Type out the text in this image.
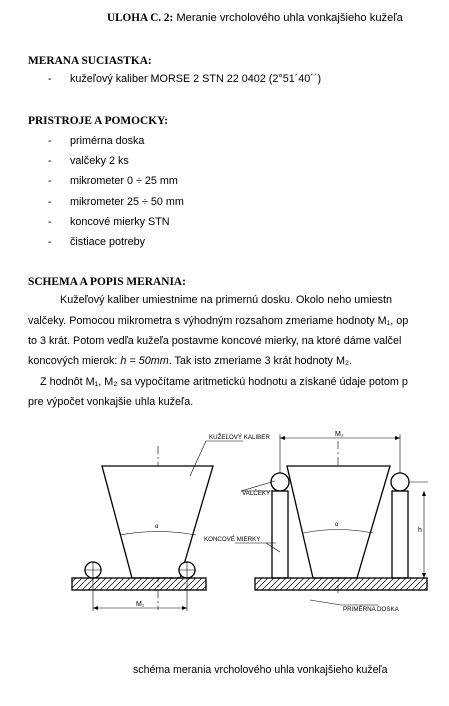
ULOHA C. 2: Meranie vrcholového uhla vonkajšieho kužeľa
MERANA SUCIASTKA:
- kužeľový kaliber MORSE 2 STN 22 0402 (2°51´40´´)
PRISTROJE A POMOCKY:
- primérna doska
- valčeky 2 ks
- mikrometer 0 ÷ 25 mm
- mikrometer 25 ÷ 50 mm
- koncové mierky STN
- čistiace potreby
SCHEMA A POPIS MERANIA:
Kužeľový kaliber umiestnime na primernú dosku. Okolo neho umiestn
valčeky. Pomocou mikrometra s výhodným rozsahom zmeriame hodnoty M₁, op
to 3 krát. Potom vedľa kužeľa postavme koncové mierky, na ktoré dáme valčel
koncových mierok: h = 50mm. Tak isto zmeriame 3 krát hodnoty M₂.
Z hodnôt M₁, M₂ sa vypočítame aritmetickú hodnotu a získané údaje potom p
pre výpočet vonkajšie uhla kužeľa.
KUŽEĽOVÝ KALIBER
VALČEKY
KONCOVÉ MIERKY
PRIMÉRNA DOSKA
M₁
M₂
h
α	α
schéma merania vrcholového uhla vonkajšieho kužeľa
